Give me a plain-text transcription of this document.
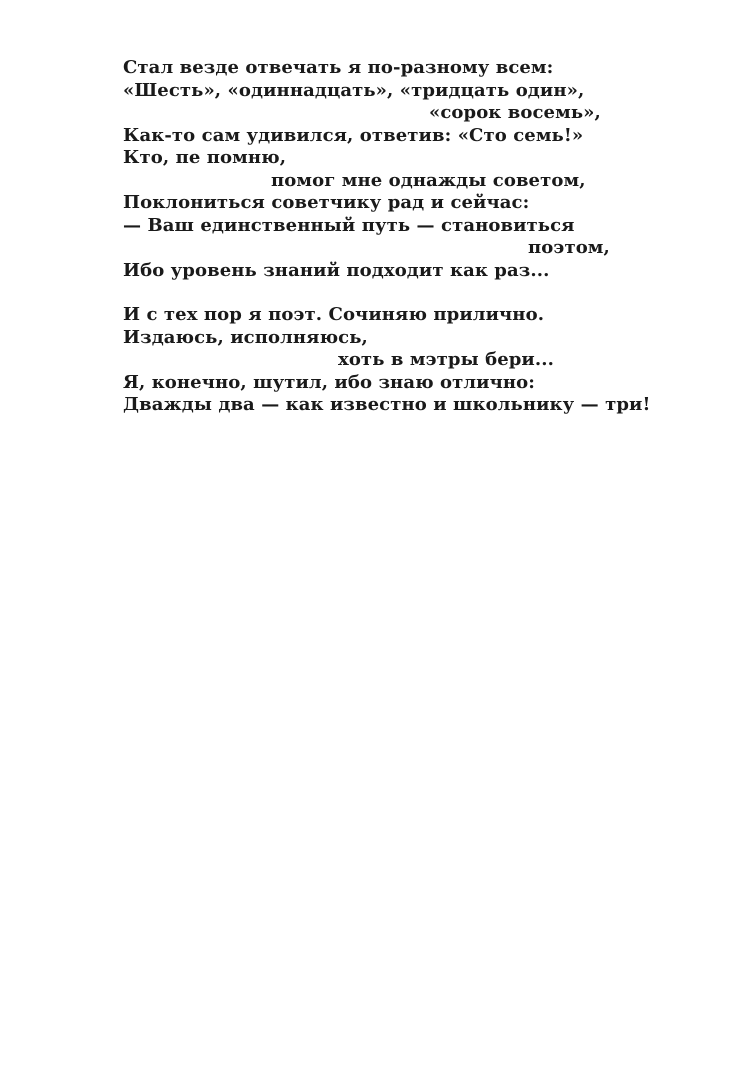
Стал везде отвечать я по-разному всем:
«Шесть», «одиннадцать», «тридцать один»,
«сорок восемь»,
Как-то сам удивился, ответив: «Сто семь!»
Кто, пе помню,
помог мне однажды советом,
Поклониться советчику рад и сейчас:
— Ваш единственный путь — становиться
поэтом,
Ибо уровень знаний подходит как раз...
И с тех пор я поэт. Сочиняю прилично.
Издаюсь, исполняюсь,
хоть в мэтры бери...
Я, конечно, шутил, ибо знаю отлично:
Дважды два — как известно и школьнику — три!
